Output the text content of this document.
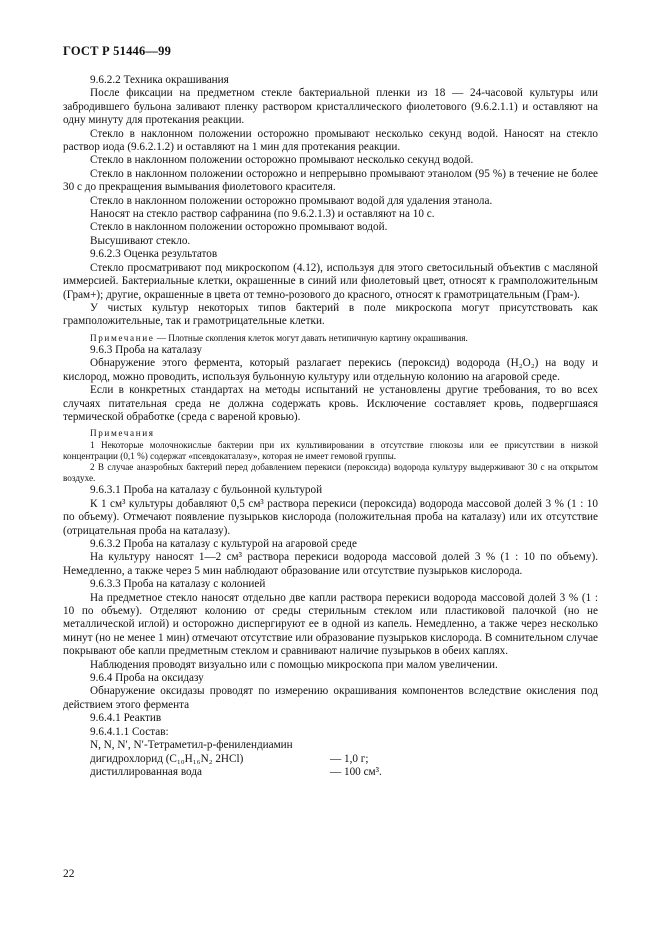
ГОСТ Р 51446—99

9.6.2.2 Техника окрашивания

После фиксации на предметном стекле бактериальной пленки из 18 — 24-часовой культуры или забродившего бульона заливают пленку раствором кристаллического фиолетового (9.6.2.1.1) и оставляют на одну минуту для протекания реакции.

Стекло в наклонном положении осторожно промывают несколько секунд водой. Наносят на стекло раствор иода (9.6.2.1.2) и оставляют на 1 мин для протекания реакции.

Стекло в наклонном положении осторожно промывают несколько секунд водой.

Стекло в наклонном положении осторожно и непрерывно промывают этанолом (95 %) в течение не более 30 с до прекращения вымывания фиолетового красителя.

Стекло в наклонном положении осторожно промывают водой для удаления этанола.

Наносят на стекло раствор сафранина (по 9.6.2.1.3) и оставляют на 10 с.

Стекло в наклонном положении осторожно промывают водой.

Высушивают стекло.

9.6.2.3 Оценка результатов

Стекло просматривают под микроскопом (4.12), используя для этого светосильный объектив с масляной иммерсией. Бактериальные клетки, окрашенные в синий или фиолетовый цвет, относят к грамположительным (Грам+); другие, окрашенные в цвета от темно-розового до красного, относят к грамотрицательным (Грам-).

У чистых культур некоторых типов бактерий в поле микроскопа могут присутствовать как грамположительные, так и грамотрицательные клетки.

Примечание — Плотные скопления клеток могут давать нетипичную картину окрашивания.

9.6.3 Проба на каталазу

Обнаружение этого фермента, который разлагает перекись (пероксид) водорода (H₂O₂) на воду и кислород, можно проводить, используя бульонную культуру или отдельную колонию на агаровой среде.

Если в конкретных стандартах на методы испытаний не установлены другие требования, то во всех случаях питательная среда не должна содержать кровь. Исключение составляет кровь, подвергшаяся термической обработке (среда с вареной кровью).

Примечания

1 Некоторые молочнокислые бактерии при их культивировании в отсутствие глюкозы или ее присутствии в низкой концентрации (0,1 %) содержат «псевдокаталазу», которая не имеет гемовой группы.

2 В случае анаэробных бактерий перед добавлением перекиси (пероксида) водорода культуру выдерживают 30 с на открытом воздухе.

9.6.3.1 Проба на каталазу с бульонной культурой

К 1 см³ культуры добавляют 0,5 см³ раствора перекиси (пероксида) водорода массовой долей 3 % (1 : 10 по объему). Отмечают появление пузырьков кислорода (положительная проба на каталазу) или их отсутствие (отрицательная проба на каталазу).

9.6.3.2 Проба на каталазу с культурой на агаровой среде

На культуру наносят 1—2 см³ раствора перекиси водорода массовой долей 3 % (1 : 10 по объему). Немедленно, а также через 5 мин наблюдают образование или отсутствие пузырьков кислорода.

9.6.3.3 Проба на каталазу с колонией

На предметное стекло наносят отдельно две капли раствора перекиси водорода массовой долей 3 % (1 : 10 по объему). Отделяют колонию от среды стерильным стеклом или пластиковой палочкой (но не металлической иглой) и осторожно диспергируют ее в одной из капель. Немедленно, а также через несколько минут (но не менее 1 мин) отмечают отсутствие или образование пузырьков кислорода. В сомнительном случае покрывают обе капли предметным стеклом и сравнивают наличие пузырьков в обеих каплях.

Наблюдения проводят визуально или с помощью микроскопа при малом увеличении.

9.6.4 Проба на оксидазу

Обнаружение оксидазы проводят по измерению окрашивания компонентов вследствие окисления под действием этого фермента

9.6.4.1 Реактив

9.6.4.1.1 Состав:

N, N, N′, N′-Тетраметил-p-фенилендиамин

дигидрохлорид (C₁₀H₁₆N₂ 2HCl)	— 1,0 г;
дистиллированная вода	— 100 см³.
22
